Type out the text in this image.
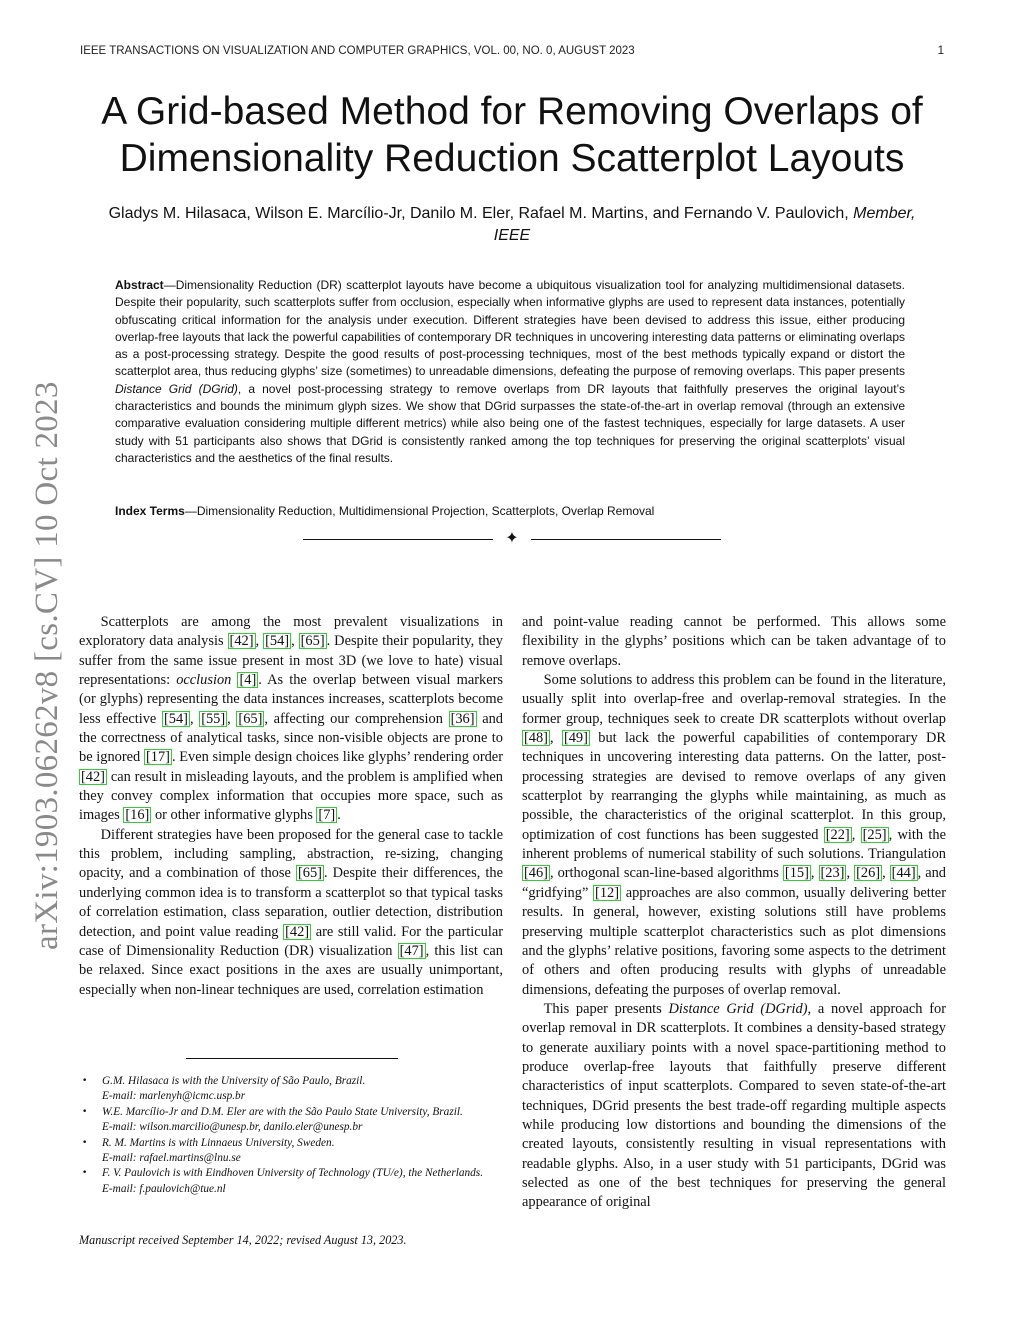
IEEE TRANSACTIONS ON VISUALIZATION AND COMPUTER GRAPHICS, VOL. 00, NO. 0, AUGUST 2023	1
A Grid-based Method for Removing Overlaps of
Dimensionality Reduction Scatterplot Layouts
Gladys M. Hilasaca, Wilson E. Marcílio-Jr, Danilo M. Eler, Rafael M. Martins, and Fernando V. Paulovich, Member, IEEE
Abstract—Dimensionality Reduction (DR) scatterplot layouts have become a ubiquitous visualization tool for analyzing multidimensional datasets. Despite their popularity, such scatterplots suffer from occlusion, especially when informative glyphs are used to represent data instances, potentially obfuscating critical information for the analysis under execution. Different strategies have been devised to address this issue, either producing overlap-free layouts that lack the powerful capabilities of contemporary DR techniques in uncovering interesting data patterns or eliminating overlaps as a post-processing strategy. Despite the good results of post-processing techniques, most of the best methods typically expand or distort the scatterplot area, thus reducing glyphs’ size (sometimes) to unreadable dimensions, defeating the purpose of removing overlaps. This paper presents Distance Grid (DGrid), a novel post-processing strategy to remove overlaps from DR layouts that faithfully preserves the original layout’s characteristics and bounds the minimum glyph sizes. We show that DGrid surpasses the state-of-the-art in overlap removal (through an extensive comparative evaluation considering multiple different metrics) while also being one of the fastest techniques, especially for large datasets. A user study with 51 participants also shows that DGrid is consistently ranked among the top techniques for preserving the original scatterplots’ visual characteristics and the aesthetics of the final results.
Index Terms—Dimensionality Reduction, Multidimensional Projection, Scatterplots, Overlap Removal
✦
arXiv:1903.06262v8 [cs.CV] 10 Oct 2023	Scatterplots are among the most prevalent visualizations in exploratory data analysis [42] , [54] , [65] . Despite their popularity, they suffer from the same issue present in most 3D (we love to hate) visual representations: occlusion [4] . As the overlap between visual markers (or glyphs) representing the data instances increases, scatterplots become less effective [54] , [55] , [65] , affecting our comprehension [36] and the correctness of analytical tasks, since non-visible objects are prone to be ignored [17] . Even simple design choices like glyphs’ rendering order [42] can result in misleading layouts, and the problem is amplified when they convey complex information that occupies more space, such as images [16] or other informative glyphs [7] .

Different strategies have been proposed for the general case to tackle this problem, including sampling, abstraction, re-sizing, changing opacity, and a combination of those [65] . Despite their differences, the underlying common idea is to transform a scatterplot so that typical tasks of correlation estimation, class separation, outlier detection, distribution detection, and point value reading [42] are still valid. For the particular case of Dimensionality Reduction (DR) visualization [47] , this list can be relaxed. Since exact positions in the axes are usually unimportant, especially when non-linear techniques are used, correlation estimation

• G.M. Hilasaca is with the University of São Paulo, Brazil.
E-mail: marlenyh@icmc.usp.br
• W.E. Marcílio-Jr and D.M. Eler are with the São Paulo State University, Brazil.
E-mail: wilson.marcilio@unesp.br, danilo.eler@unesp.br
• R. M. Martins is with Linnaeus University, Sweden.
E-mail: rafael.martins@lnu.se
• F. V. Paulovich is with Eindhoven University of Technology (TU/e), the Netherlands.
E-mail: f.paulovich@tue.nl
Manuscript received September 14, 2022; revised August 13, 2023.

and point-value reading cannot be performed. This allows some flexibility in the glyphs’ positions which can be taken advantage of to remove overlaps.

Some solutions to address this problem can be found in the literature, usually split into overlap-free and overlap-removal strategies. In the former group, techniques seek to create DR scatterplots without overlap [48] , [49] but lack the powerful capabilities of contemporary DR techniques in uncovering interesting data patterns. On the latter, post-processing strategies are devised to remove overlaps of any given scatterplot by rearranging the glyphs while maintaining, as much as possible, the characteristics of the original scatterplot. In this group, optimization of cost functions has been suggested [22] , [25] , with the inherent problems of numerical stability of such solutions. Triangulation [46] , orthogonal scan-line-based algorithms [15] , [23] , [26] , [44] , and “gridfying” [12] approaches are also common, usually delivering better results. In general, however, existing solutions still have problems preserving multiple scatterplot characteristics such as plot dimensions and the glyphs’ relative positions, favoring some aspects to the detriment of others and often producing results with glyphs of unreadable dimensions, defeating the purposes of overlap removal.

This paper presents Distance Grid (DGrid), a novel approach for overlap removal in DR scatterplots. It combines a density-based strategy to generate auxiliary points with a novel space-partitioning method to produce overlap-free layouts that faithfully preserve different characteristics of input scatterplots. Compared to seven state-of-the-art techniques, DGrid presents the best trade-off regarding multiple aspects while producing low distortions and bounding the dimensions of the created layouts, consistently resulting in visual representations with readable glyphs. Also, in a user study with 51 participants, DGrid was selected as one of the best techniques for preserving the general appearance of original
